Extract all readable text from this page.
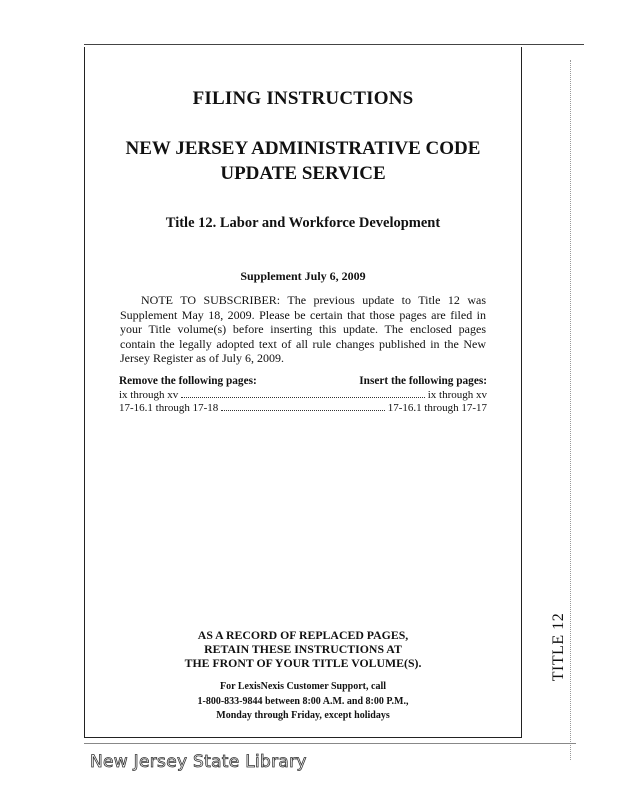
FILING INSTRUCTIONS
NEW JERSEY ADMINISTRATIVE CODE
UPDATE SERVICE
Title 12. Labor and Workforce Development
Supplement July 6, 2009
NOTE TO SUBSCRIBER: The previous update to Title 12 was Supplement May 18, 2009. Please be certain that those pages are filed in your Title volume(s) before inserting this update. The enclosed pages contain the legally adopted text of all rule changes published in the New Jersey Register as of July 6, 2009.
Remove the following pages:	Insert the following pages:
ix through xv	ix through xv
17-16.1 through 17-18	17-16.1 through 17-17
AS A RECORD OF REPLACED PAGES,
RETAIN THESE INSTRUCTIONS AT
THE FRONT OF YOUR TITLE VOLUME(S).
For LexisNexis Customer Support, call
1-800-833-9844 between 8:00 A.M. and 8:00 P.M.,
Monday through Friday, except holidays
TITLE 12
New Jersey State Library
